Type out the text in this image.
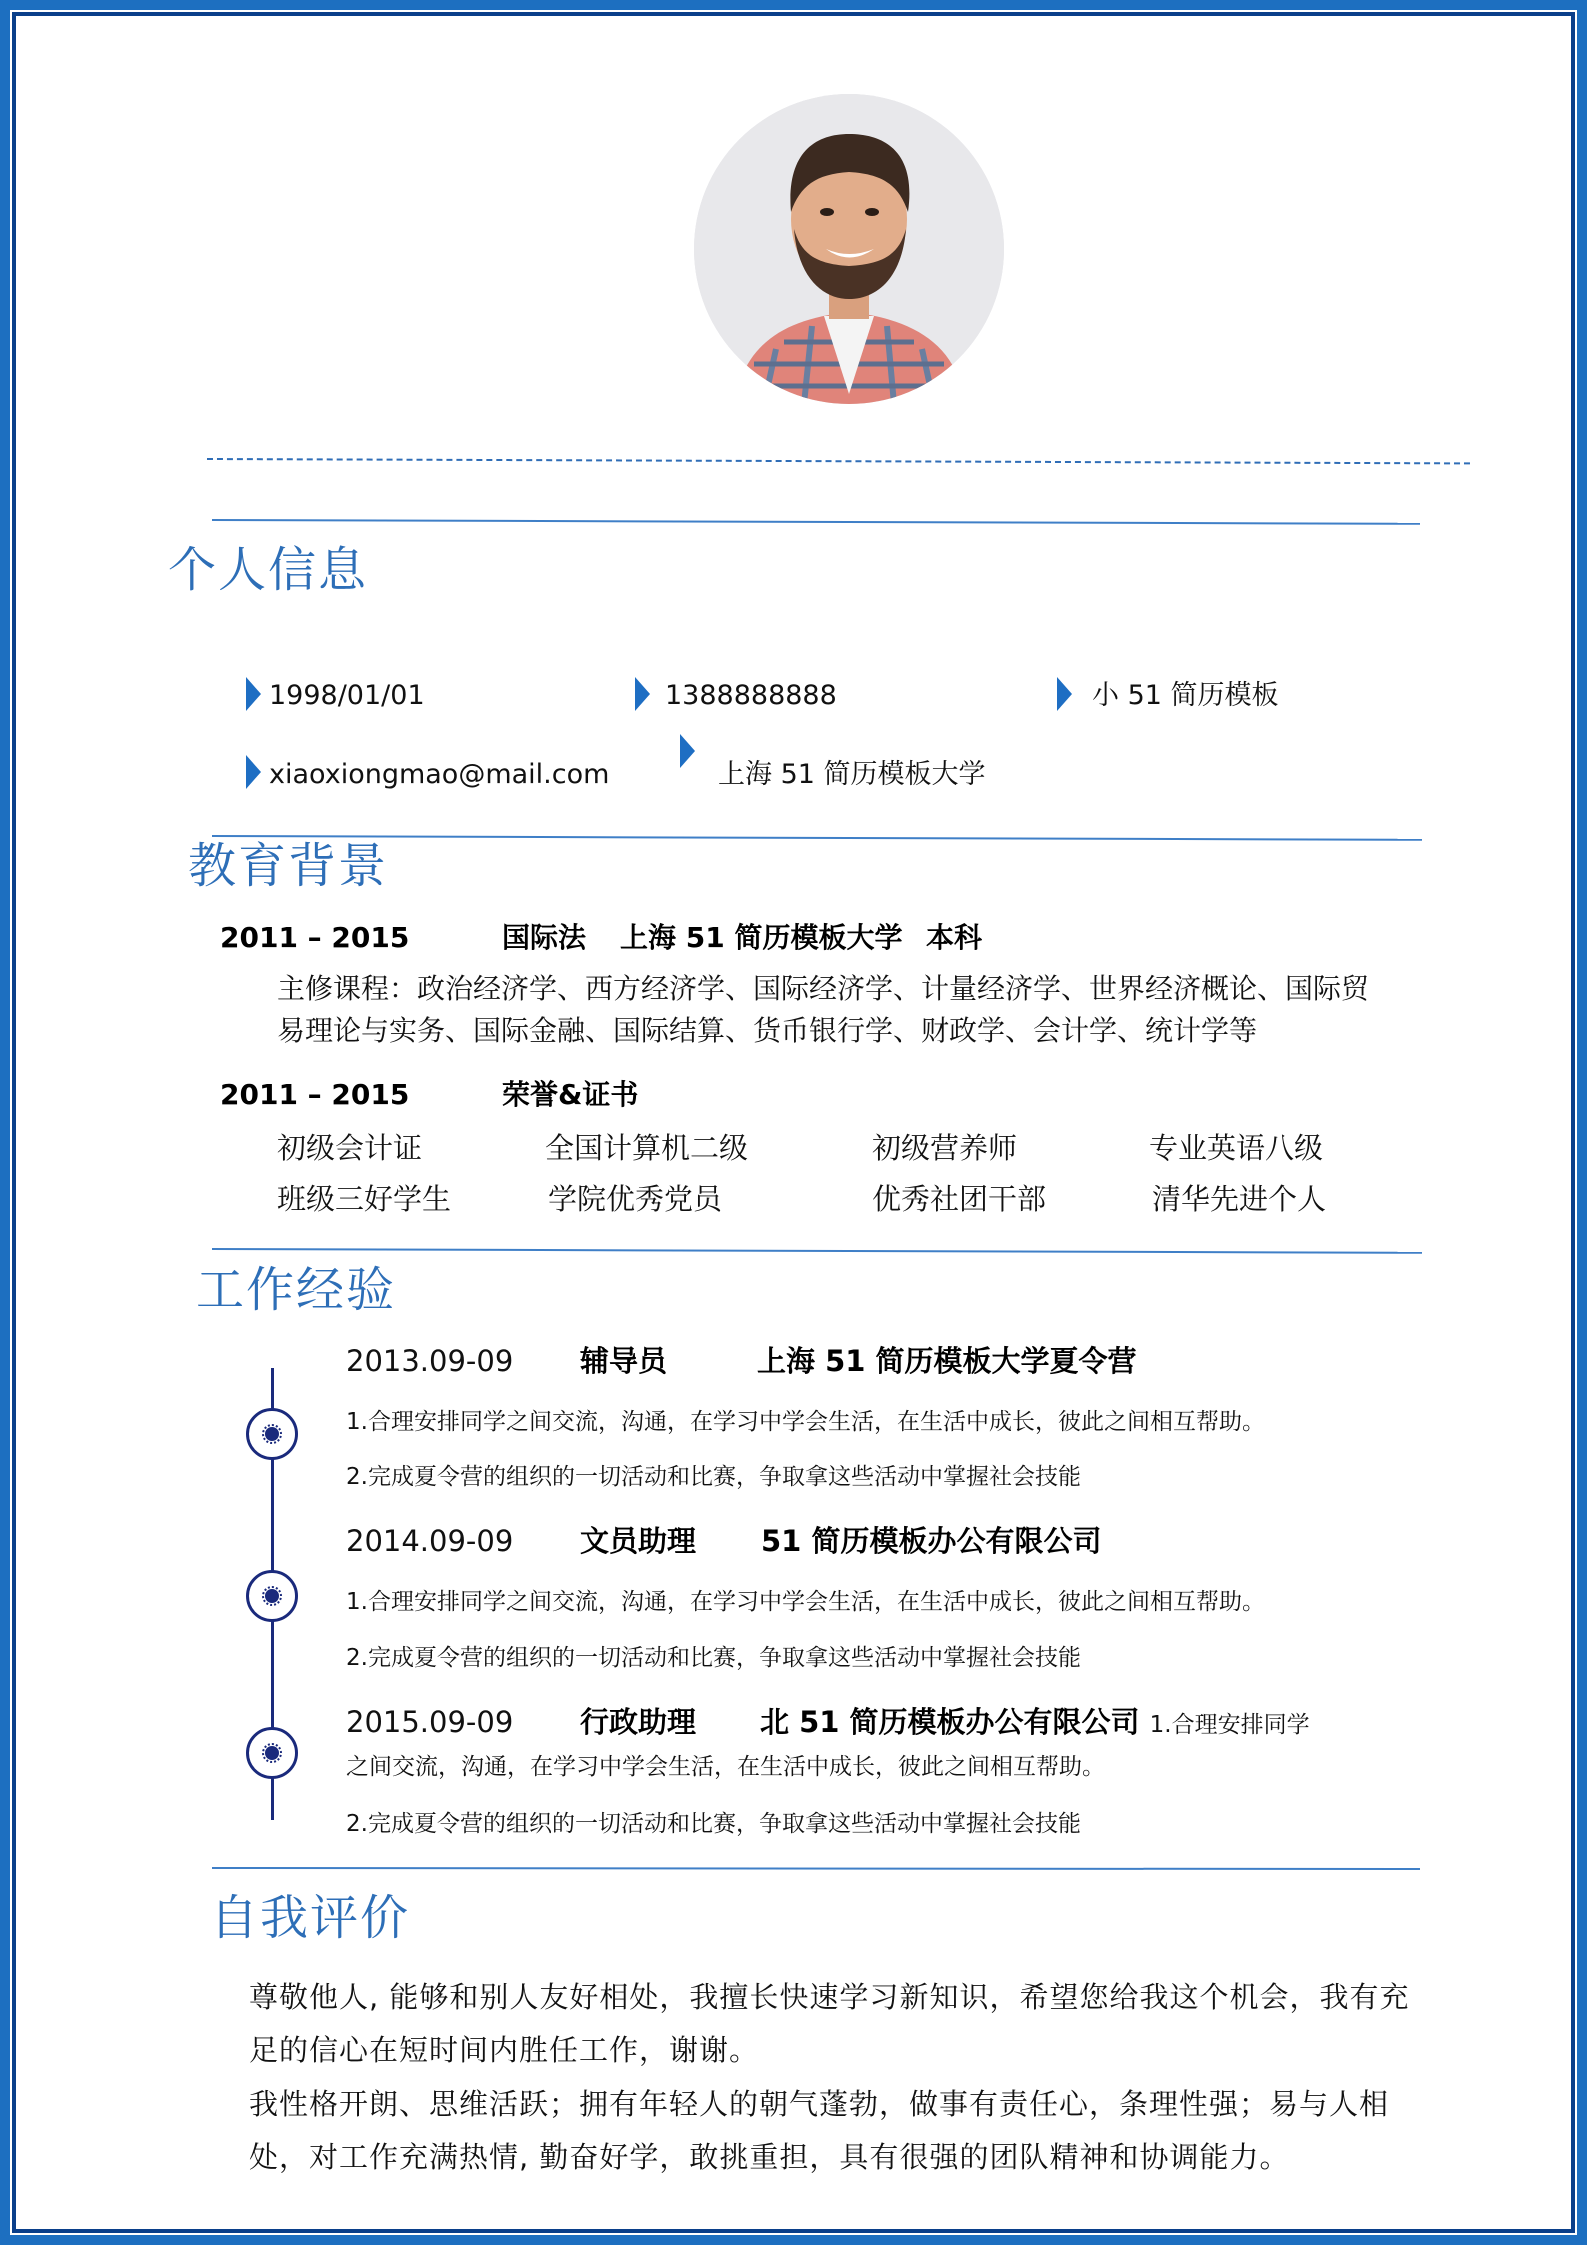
个人信息
1998/01/01	1388888888	小 51 简历模板
xiaoxiongmao@mail.com	上海 51 简历模板大学
教育背景
2011 – 2015	国际法 上海 51 简历模板大学 本科
主修课程：政治经济学、西方经济学、国际经济学、计量经济学、世界经济概论、国际贸
易理论与实务、国际金融、国际结算、货币银行学、财政学、会计学、统计学等
2011 – 2015	荣誉&证书
初级会计证	全国计算机二级	初级营养师	专业英语八级
班级三好学生	学院优秀党员	优秀社团干部	清华先进个人
工作经验
2013.09-09 辅导员	上海 51 简历模板大学夏令营
1.合理安排同学之间交流，沟通，在学习中学会生活，在生活中成长，彼此之间相互帮助。
2.完成夏令营的组织的一切活动和比赛，争取拿这些活动中掌握社会技能
2014.09-09 文员助理 51 简历模板办公有限公司
1.合理安排同学之间交流，沟通，在学习中学会生活，在生活中成长，彼此之间相互帮助。
2.完成夏令营的组织的一切活动和比赛，争取拿这些活动中掌握社会技能
2015.09-09 行政助理 北 51 简历模板办公有限公司 1.合理安排同学
之间交流，沟通，在学习中学会生活，在生活中成长，彼此之间相互帮助。
2.完成夏令营的组织的一切活动和比赛，争取拿这些活动中掌握社会技能
自我评价
尊敬他人, 能够和别人友好相处，我擅长快速学习新知识，希望您给我这个机会，我有充
足的信心在短时间内胜任工作，谢谢。
我性格开朗、思维活跃；拥有年轻人的朝气蓬勃，做事有责任心，条理性强；易与人相
处，对工作充满热情, 勤奋好学，敢挑重担，具有很强的团队精神和协调能力。
